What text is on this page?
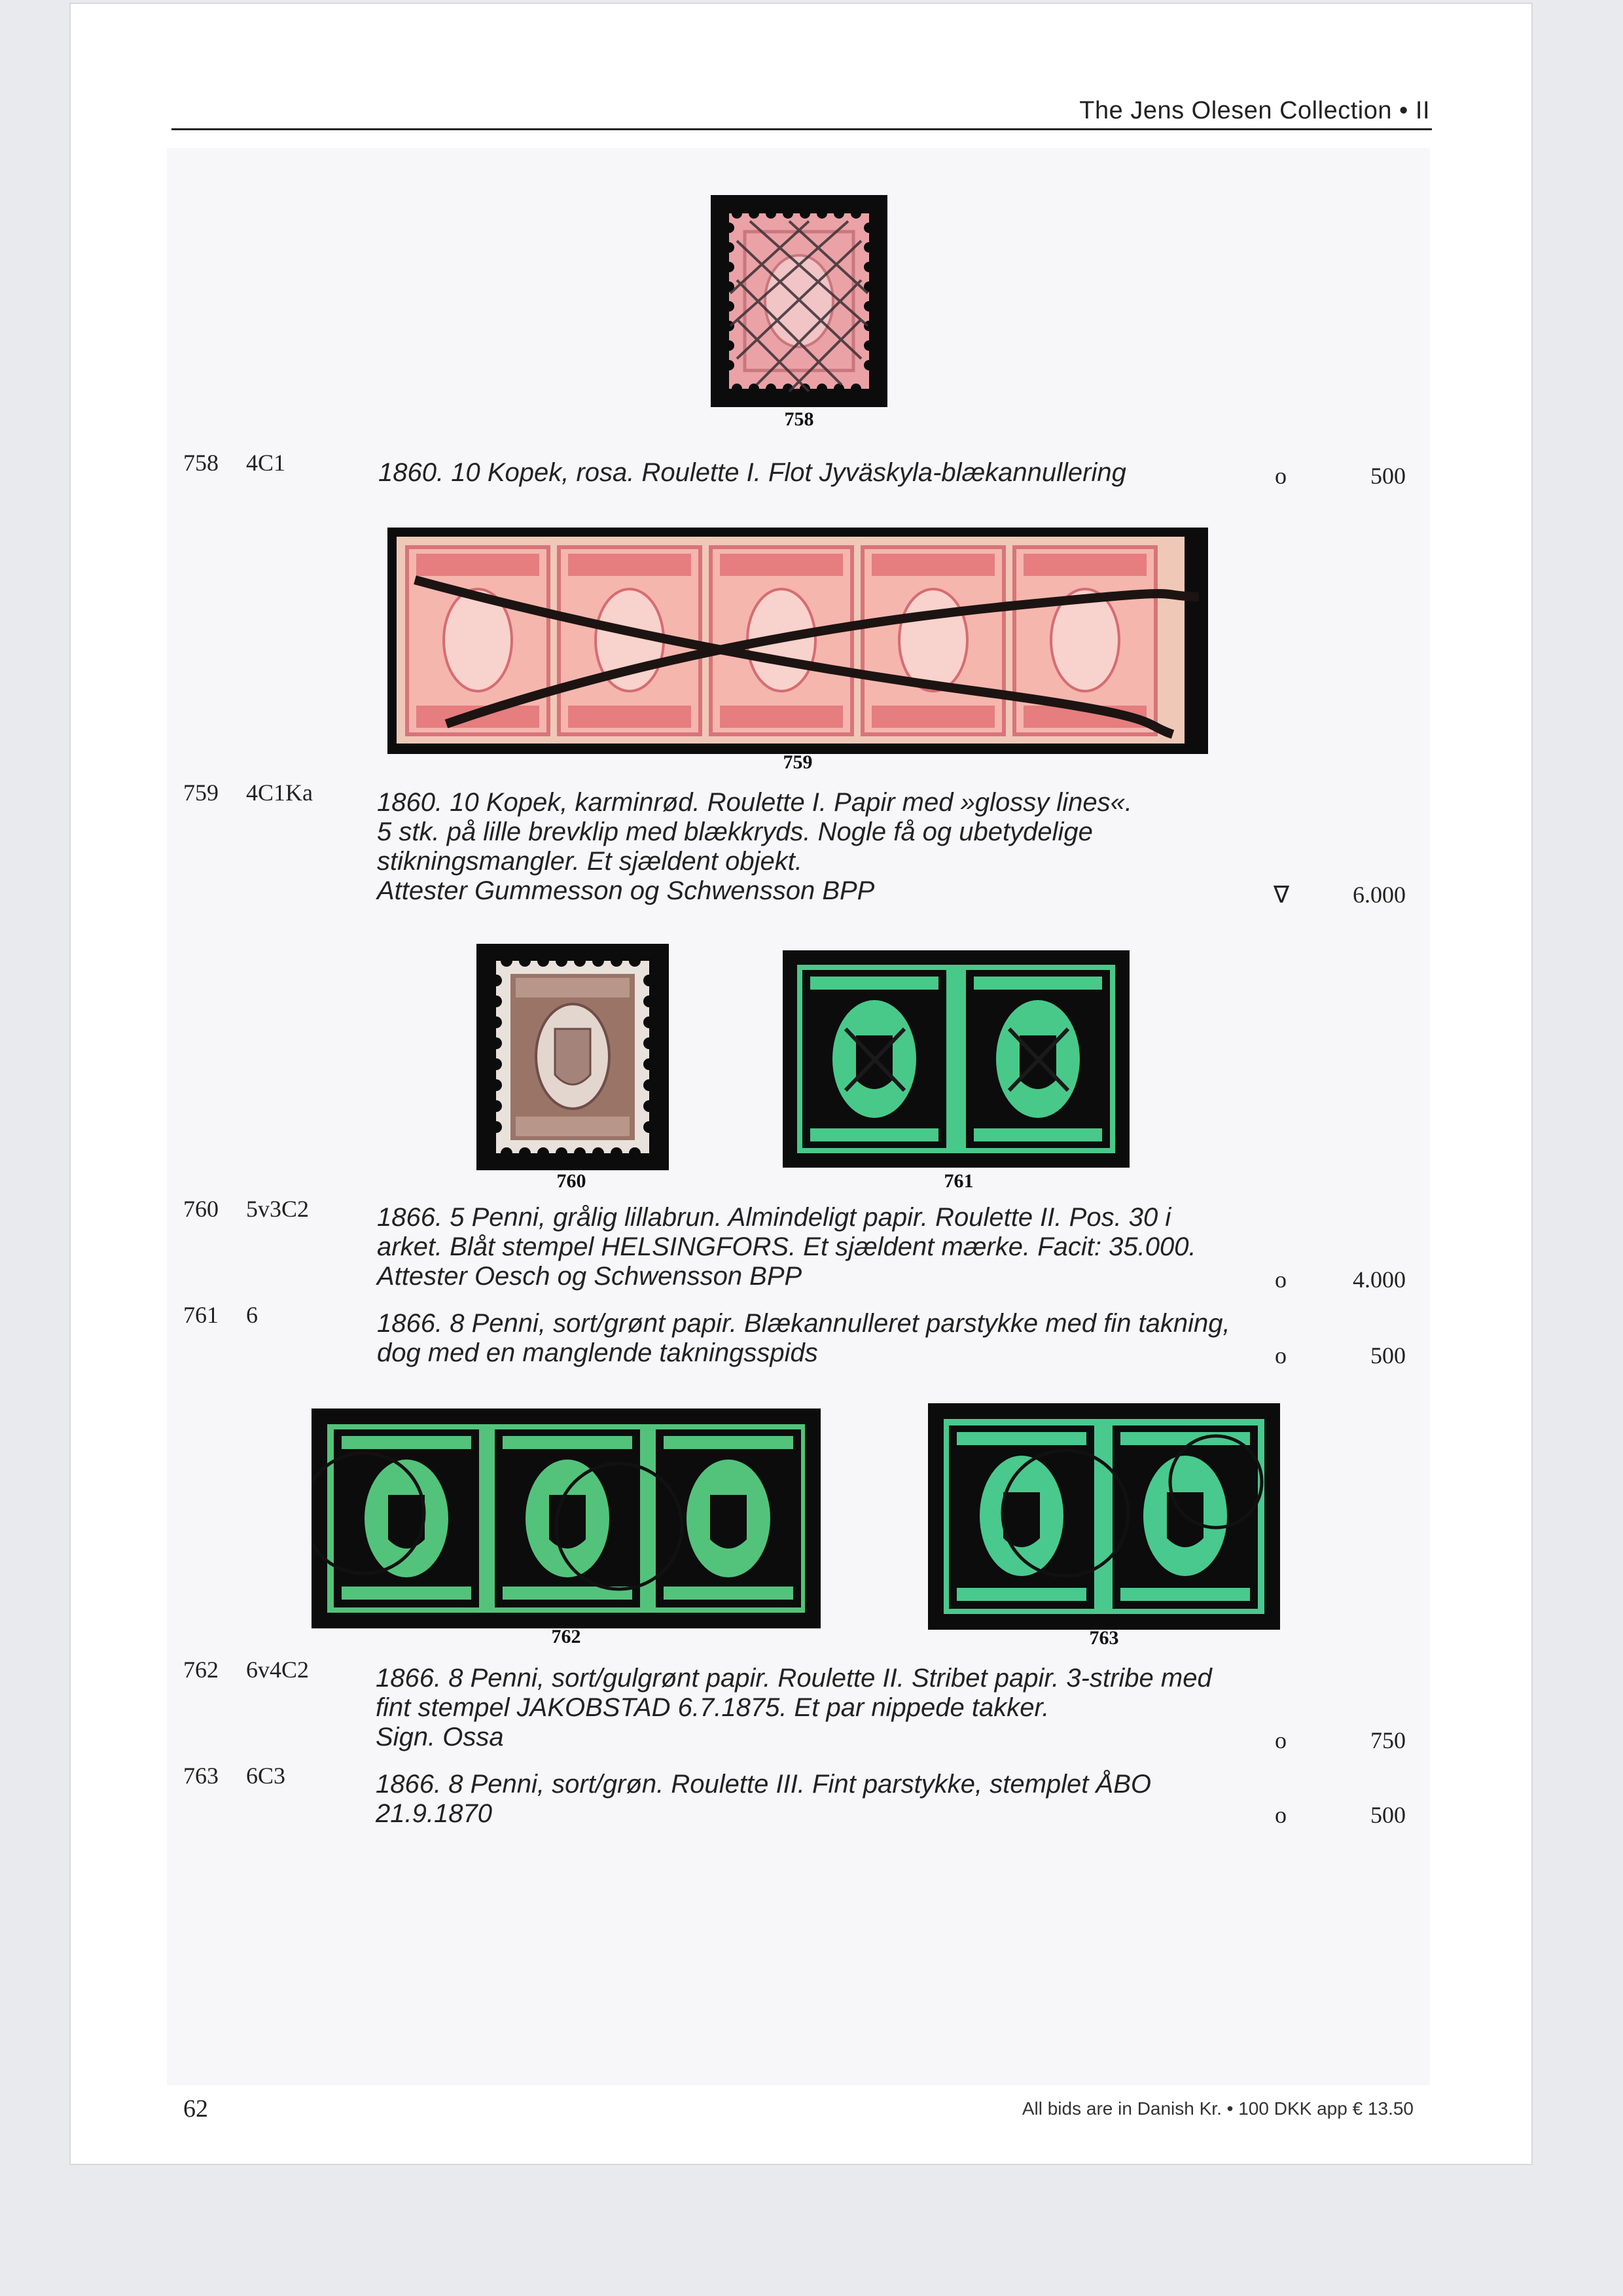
The Jens Olesen Collection • II
758
759
760	761
762	763
758 4C1	1860. 10 Kopek, rosa. Roulette I. Flot Jyväskyla-blækannullering	o	500
759 4C1Ka 1860. 10 Kopek, karminrød. Roulette I. Papir med »glossy lines«.
5 stk. på lille brevklip med blækkryds. Nogle få og ubetydelige
stikningsmangler. Et sjældent objekt.
Attester Gummesson og Schwensson BPP	∇	6.000
760 5v3C2	1866. 5 Penni, grålig lillabrun. Almindeligt papir. Roulette II. Pos. 30 i
arket. Blåt stempel HELSINGFORS. Et sjældent mærke. Facit: 35.000.
Attester Oesch og Schwensson BPP	o	4.000
761 6	1866. 8 Penni, sort/grønt papir. Blækannulleret parstykke med fin takning,
dog med en manglende takningsspids	o	500
762 6v4C2	1866. 8 Penni, sort/gulgrønt papir. Roulette II. Stribet papir. 3-stribe med
fint stempel JAKOBSTAD 6.7.1875. Et par nippede takker.
Sign. Ossa	o	750
763 6C3	1866. 8 Penni, sort/grøn. Roulette III. Fint parstykke, stemplet ÅBO
21.9.1870	o	500
62	All bids are in Danish Kr. • 100 DKK app € 13.50
